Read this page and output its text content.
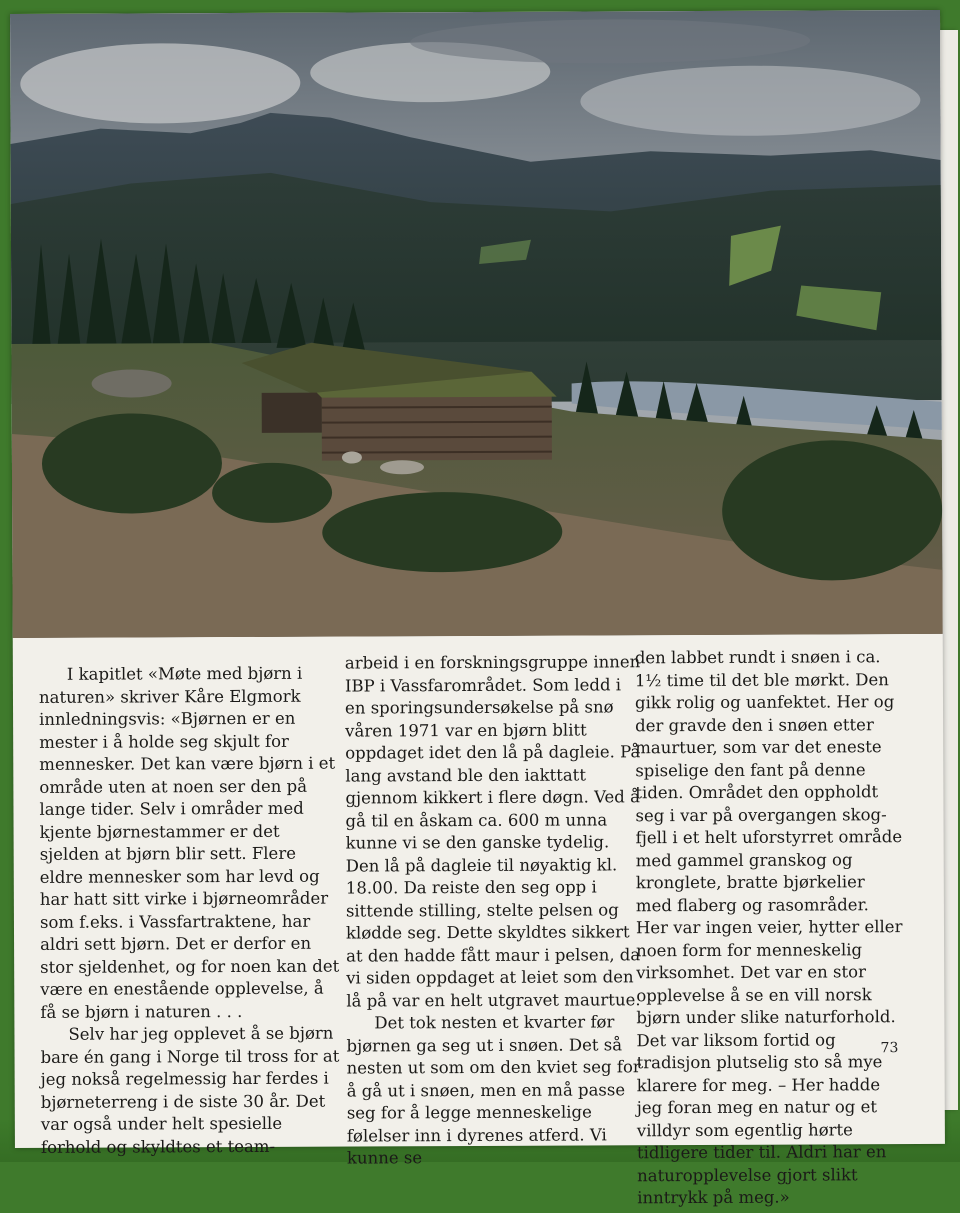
I kapitlet «Møte med bjørn i naturen» skriver Kåre Elgmork innledningsvis: «Bjørnen er en mester i å holde seg skjult for mennesker. Det kan være bjørn i et område uten at noen ser den på lange tider. Selv i områder med kjente bjørnestammer er det sjelden at bjørn blir sett. Flere eldre mennesker som har levd og har hatt sitt virke i bjørneområder som f.eks. i Vassfartraktene, har aldri sett bjørn. Det er derfor en stor sjeldenhet, og for noen kan det være en enestående opplevelse, å få se bjørn i naturen . . .

Selv har jeg opplevet å se bjørn bare én gang i Norge til tross for at jeg nokså regelmessig har ferdes i bjørneterreng i de siste 30 år. Det var også under helt spesielle forhold og skyldtes et team-

arbeid i en forskningsgruppe innen IBP i Vassfarområdet. Som ledd i en sporingsundersøkelse på snø våren 1971 var en bjørn blitt oppdaget idet den lå på dagleie. På lang avstand ble den iakttatt gjennom kikkert i flere døgn. Ved å gå til en åskam ca. 600 m unna kunne vi se den ganske tydelig. Den lå på dagleie til nøyaktig kl. 18.00. Da reiste den seg opp i sittende stilling, stelte pelsen og klødde seg. Dette skyldtes sikkert at den hadde fått maur i pelsen, da vi siden oppdaget at leiet som den lå på var en helt utgravet maurtue.

Det tok nesten et kvarter før bjørnen ga seg ut i snøen. Det så nesten ut som om den kviet seg for å gå ut i snøen, men en må passe seg for å legge menneskelige følelser inn i dyrenes atferd. Vi kunne se

den labbet rundt i snøen i ca. 1½ time til det ble mørkt. Den gikk rolig og uanfektet. Her og der gravde den i snøen etter maurtuer, som var det eneste spiselige den fant på denne tiden. Området den oppholdt seg i var på overgangen skog-fjell i et helt uforstyrret område med gammel granskog og kronglete, bratte bjørkelier med flaberg og rasområder. Her var ingen veier, hytter eller noen form for menneskelig virksomhet. Det var en stor opplevelse å se en vill norsk bjørn under slike naturforhold. Det var liksom fortid og tradisjon plutselig sto så mye klarere for meg. – Her hadde jeg foran meg en natur og et villdyr som egentlig hørte tidligere tider til. Aldri har en naturopplevelse gjort slikt inntrykk på meg.»

73
